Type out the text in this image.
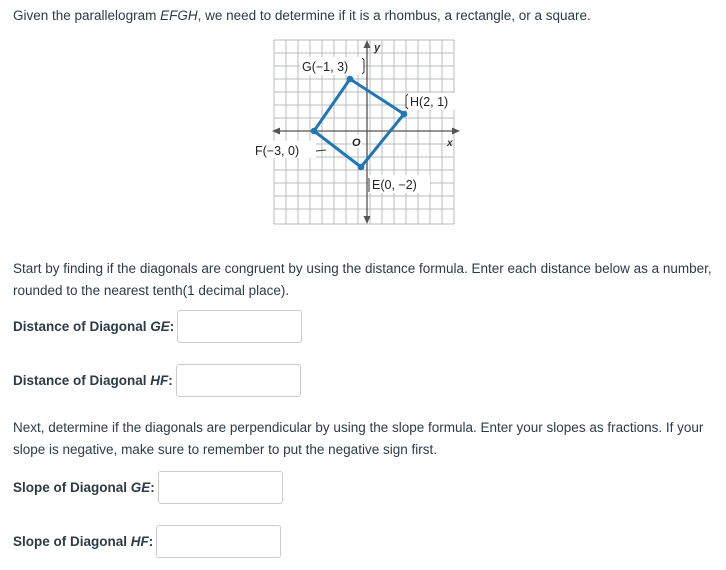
Given the parallelogram EFGH, we need to determine if it is a rhombus, a rectangle, or a square.
y
x
G(−1, 3)
H(2, 1)
F(−3, 0)
O
E(0, −2)
Start by finding if the diagonals are congruent by using the distance formula. Enter each distance below as a number, rounded to the nearest tenth(1 decimal place).
Distance of Diagonal GE:
Distance of Diagonal HF:
Next, determine if the diagonals are perpendicular by using the slope formula. Enter your slopes as fractions. If your slope is negative, make sure to remember to put the negative sign first.
Slope of Diagonal GE:
Slope of Diagonal HF:
